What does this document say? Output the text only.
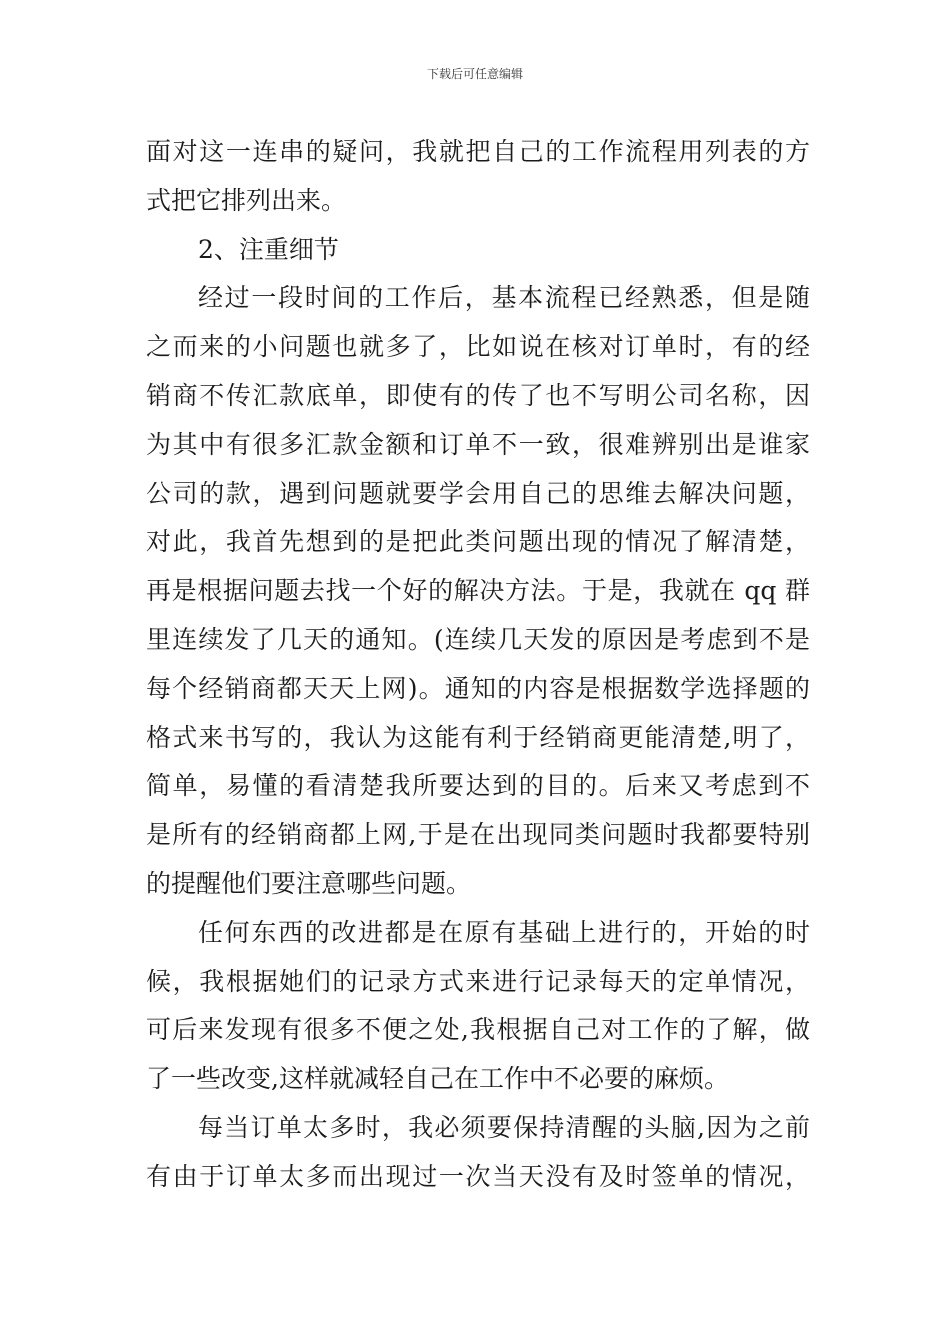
下载后可任意编辑
面对这一连串的疑问，我就把自己的工作流程用列表的方
式把它排列出来。
2、注重细节
经过一段时间的工作后，基本流程已经熟悉，但是随
之而来的小问题也就多了，比如说在核对订单时，有的经
销商不传汇款底单，即使有的传了也不写明公司名称，因
为其中有很多汇款金额和订单不一致，很难辨别出是谁家
公司的款，遇到问题就要学会用自己的思维去解决问题，
对此，我首先想到的是把此类问题出现的情况了解清楚，
再是根据问题去找一个好的解决方法。于是，我就在 qq 群
里连续发了几天的通知。(连续几天发的原因是考虑到不是
每个经销商都天天上网)。通知的内容是根据数学选择题的
格式来书写的，我认为这能有利于经销商更能清楚,明了，
简单，易懂的看清楚我所要达到的目的。后来又考虑到不
是所有的经销商都上网,于是在出现同类问题时我都要特别
的提醒他们要注意哪些问题。
任何东西的改进都是在原有基础上进行的，开始的时
候，我根据她们的记录方式来进行记录每天的定单情况，
可后来发现有很多不便之处,我根据自己对工作的了解，做
了一些改变,这样就减轻自己在工作中不必要的麻烦。
每当订单太多时，我必须要保持清醒的头脑,因为之前
有由于订单太多而出现过一次当天没有及时签单的情况，
